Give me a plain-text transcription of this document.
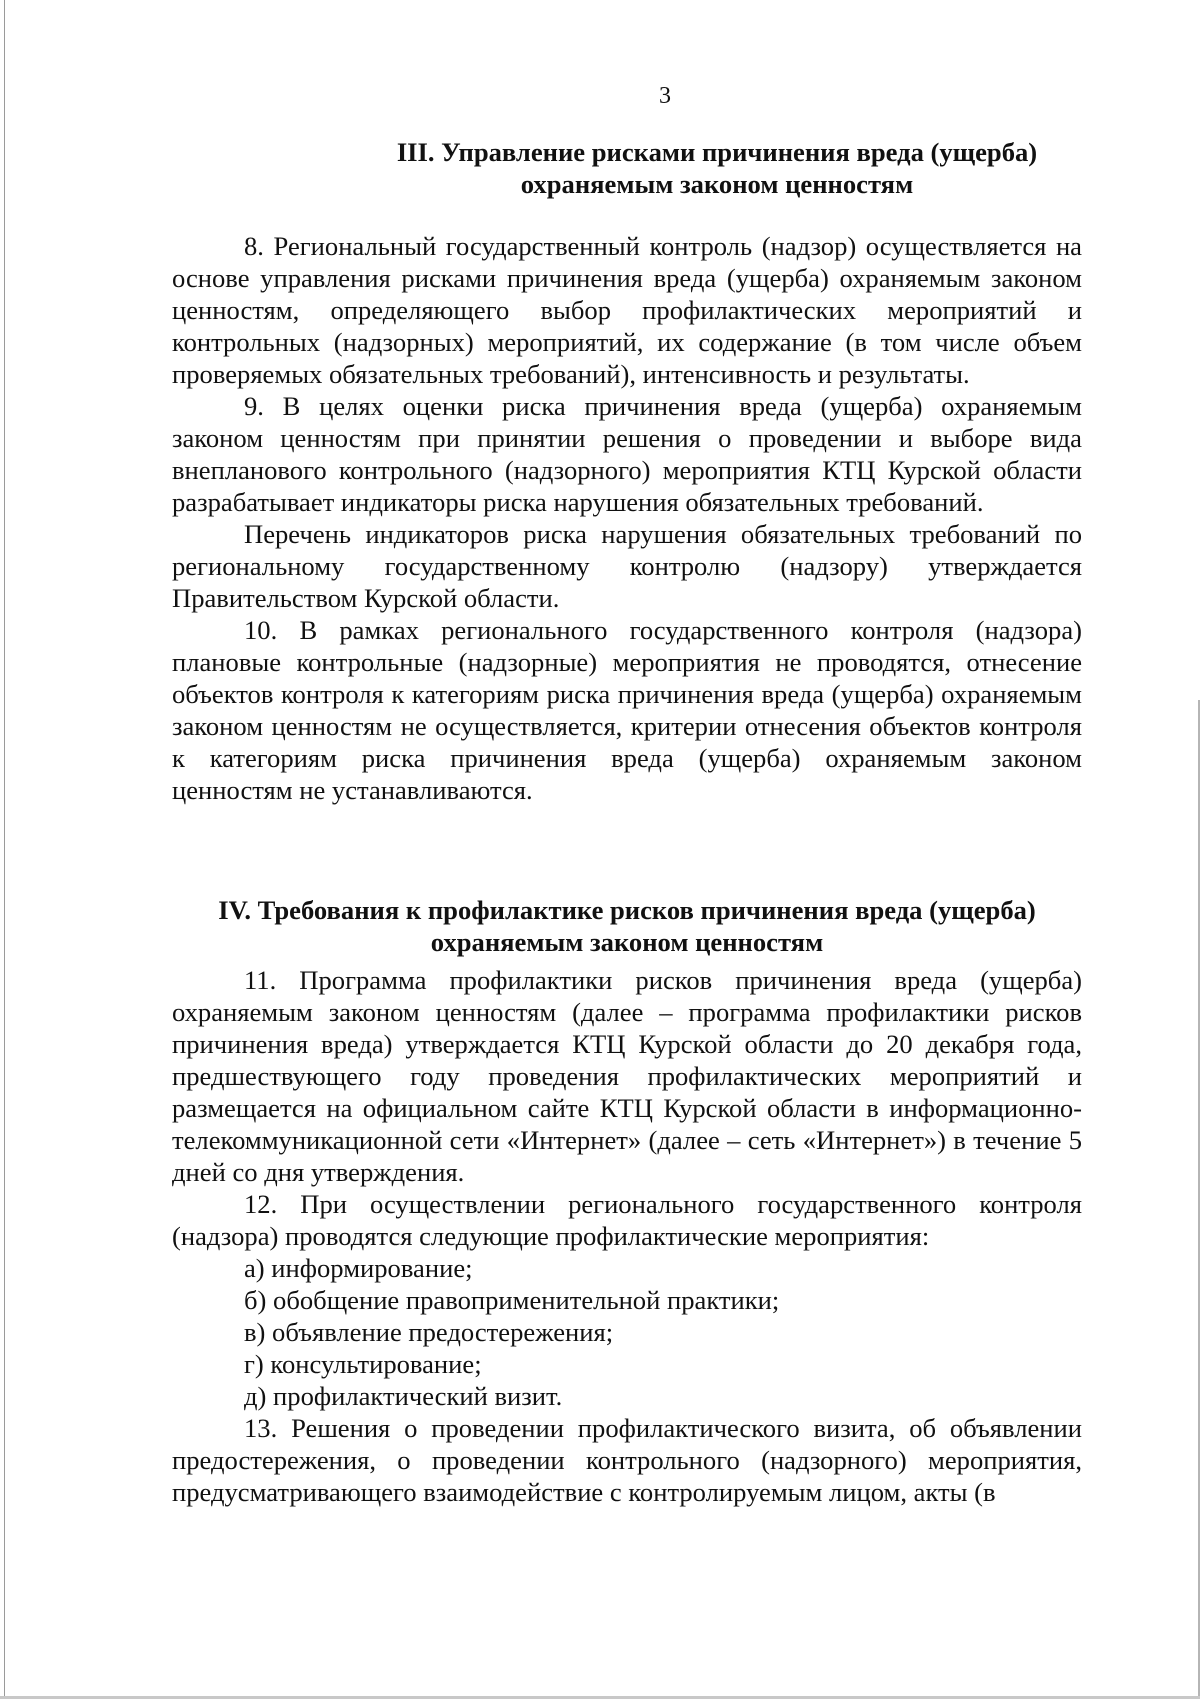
3
III. Управление рисками причинения вреда (ущерба)
охраняемым законом ценностям

8. Региональный государственный контроль (надзор) осуществляется на основе управления рисками причинения вреда (ущерба) охраняемым законом ценностям, определяющего выбор профилактических мероприятий и контрольных (надзорных) мероприятий, их содержание (в том числе объем проверяемых обязательных требований), интенсивность и результаты.

9. В целях оценки риска причинения вреда (ущерба) охраняемым законом ценностям при принятии решения о проведении и выборе вида внепланового контрольного (надзорного) мероприятия КТЦ Курской области разрабатывает индикаторы риска нарушения обязательных требований.

Перечень индикаторов риска нарушения обязательных требований по региональному государственному контролю (надзору) утверждается Правительством Курской области.

10. В рамках регионального государственного контроля (надзора) плановые контрольные (надзорные) мероприятия не проводятся, отнесение объектов контроля к категориям риска причинения вреда (ущерба) охраняемым законом ценностям не осуществляется, критерии отнесения объектов контроля к категориям риска причинения вреда (ущерба) охраняемым законом ценностям не устанавливаются.

IV. Требования к профилактике рисков причинения вреда (ущерба)
охраняемым законом ценностям

11. Программа профилактики рисков причинения вреда (ущерба) охраняемым законом ценностям (далее – программа профилактики рисков причинения вреда) утверждается КТЦ Курской области до 20 декабря года, предшествующего году проведения профилактических мероприятий и размещается на официальном сайте КТЦ Курской области в информационно-телекоммуникационной сети «Интернет» (далее – сеть «Интернет») в течение 5 дней со дня утверждения.

12. При осуществлении регионального государственного контроля (надзора) проводятся следующие профилактические мероприятия:

а) информирование;

б) обобщение правоприменительной практики;

в) объявление предостережения;

г) консультирование;

д) профилактический визит.

13. Решения о проведении профилактического визита, об объявлении предостережения, о проведении контрольного (надзорного) мероприятия, предусматривающего взаимодействие с контролируемым лицом, акты (в
